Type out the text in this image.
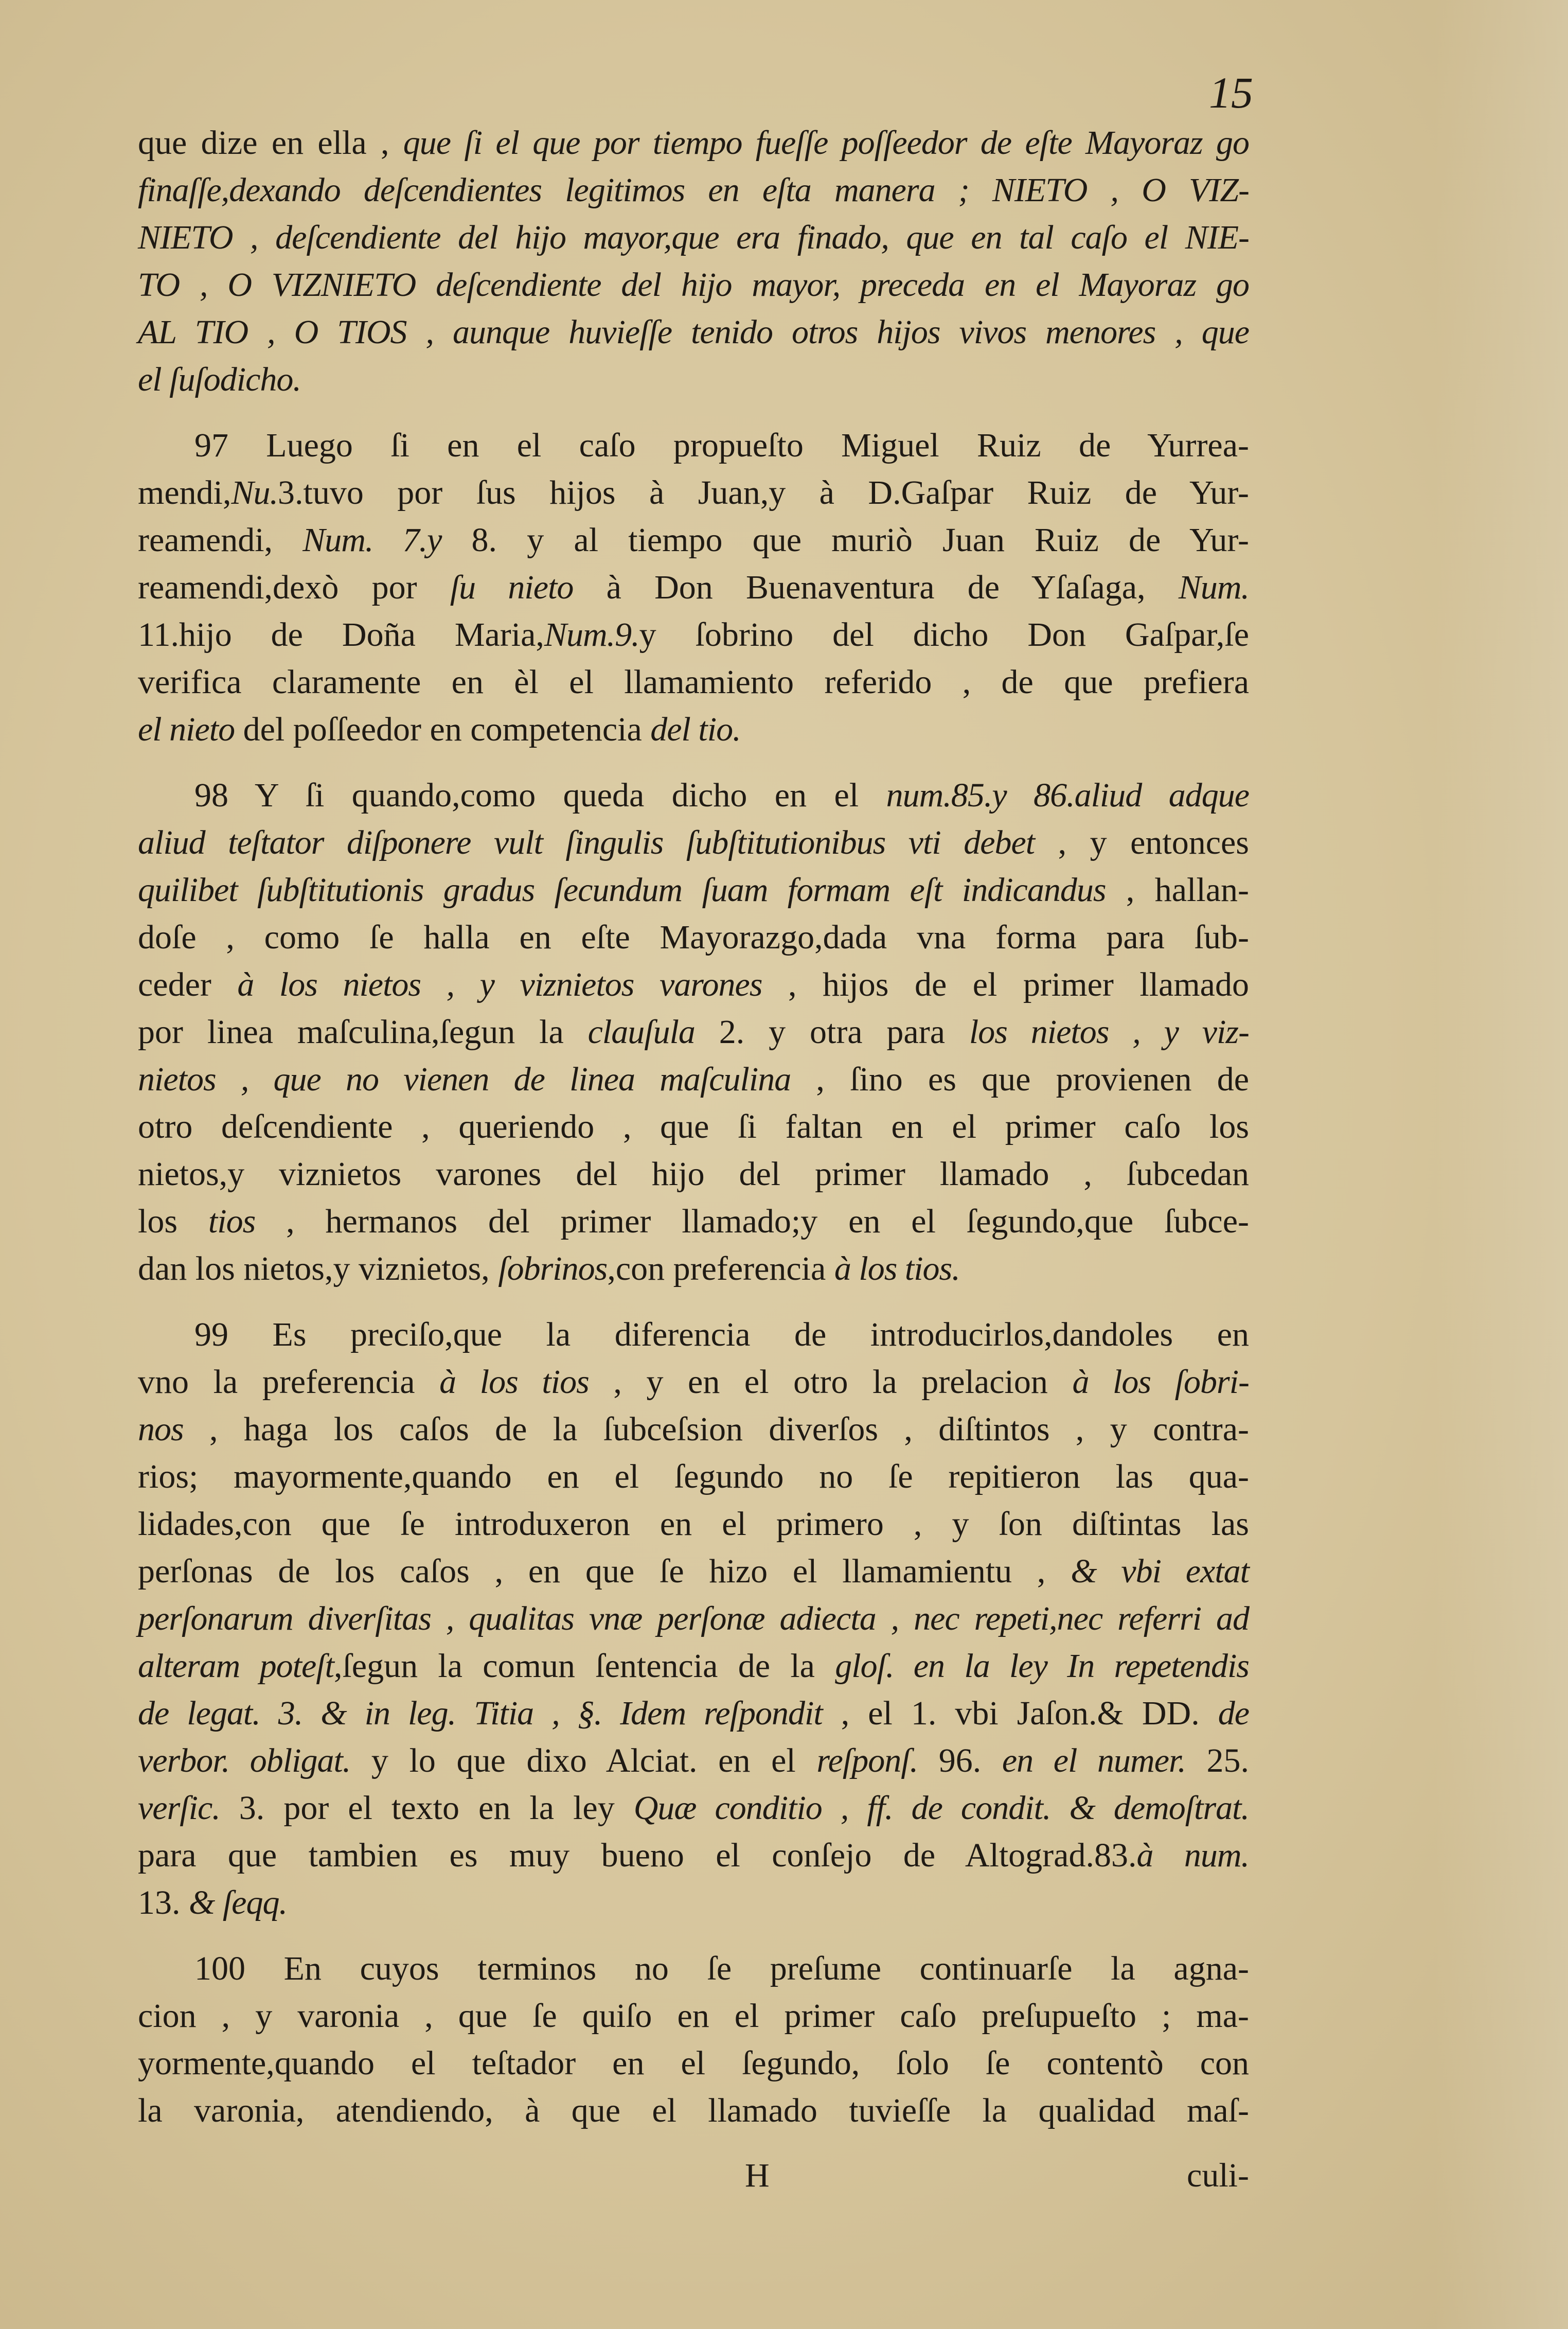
15
que dize en ella , que ſi el que por tiempo fueſſe poſſeedor de eſte Mayoraz go
finaſſe,dexando deſcendientes legitimos en eſta manera ; NIETO , O VIZ-
NIETO , deſcendiente del hijo mayor,que era finado, que en tal caſo el NIE-
TO , O VIZNIETO deſcendiente del hijo mayor, preceda en el Mayoraz go
AL TIO , O TIOS , aunque huvieſſe tenido otros hijos vivos menores , que
el ſuſodicho.
97 Luego ſi en el caſo propueſto Miguel Ruiz de Yurrea-
mendi,Nu.3.tuvo por ſus hijos à Juan,y à D.Gaſpar Ruiz de Yur-
reamendi, Num. 7.y 8. y al tiempo que muriò Juan Ruiz de Yur-
reamendi,dexò por ſu nieto à Don Buenaventura de Yſaſaga, Num.
11.hijo de Doña Maria,Num.9.y ſobrino del dicho Don Gaſpar,ſe
verifica claramente en èl el llamamiento referido , de que prefiera
el nieto del poſſeedor en competencia del tio.
98 Y ſi quando,como queda dicho en el num.85.y 86.aliud adque
aliud teſtator diſponere vult ſingulis ſubſtitutionibus vti debet , y entonces
quilibet ſubſtitutionis gradus ſecundum ſuam formam eſt indicandus , hallan-
doſe , como ſe halla en eſte Mayorazgo,dada vna forma para ſub-
ceder à los nietos , y viznietos varones , hijos de el primer llamado
por linea maſculina,ſegun la clauſula 2. y otra para los nietos , y viz-
nietos , que no vienen de linea maſculina , ſino es que provienen de
otro deſcendiente , queriendo , que ſi faltan en el primer caſo los
nietos,y viznietos varones del hijo del primer llamado , ſubcedan
los tios , hermanos del primer llamado;y en el ſegundo,que ſubce-
dan los nietos,y viznietos, ſobrinos,con preferencia à los tios.
99 Es preciſo,que la diferencia de introducirlos,dandoles en
vno la preferencia à los tios , y en el otro la prelacion à los ſobri-
nos , haga los caſos de la ſubceſsion diverſos , diſtintos , y contra-
rios; mayormente,quando en el ſegundo no ſe repitieron las qua-
lidades,con que ſe introduxeron en el primero , y ſon diſtintas las
perſonas de los caſos , en que ſe hizo el llamamientu , & vbi extat
perſonarum diverſitas , qualitas vnæ perſonæ adiecta , nec repeti,nec referri ad
alteram poteſt,ſegun la comun ſentencia de la gloſ. en la ley In repetendis
de legat. 3. & in leg. Titia , §. Idem reſpondit , el 1. vbi Jaſon.& DD. de
verbor. obligat. y lo que dixo Alciat. en el reſponſ. 96. en el numer. 25.
verſic. 3. por el texto en la ley Quæ conditio , ff. de condit. & demoſtrat.
para que tambien es muy bueno el conſejo de Altograd.83.à num.
13. & ſeqq.
100 En cuyos terminos no ſe preſume continuarſe la agna-
cion , y varonia , que ſe quiſo en el primer caſo preſupueſto ; ma-
yormente,quando el teſtador en el ſegundo, ſolo ſe contentò con
la varonia, atendiendo, à que el llamado tuvieſſe la qualidad maſ-
H	culi-
